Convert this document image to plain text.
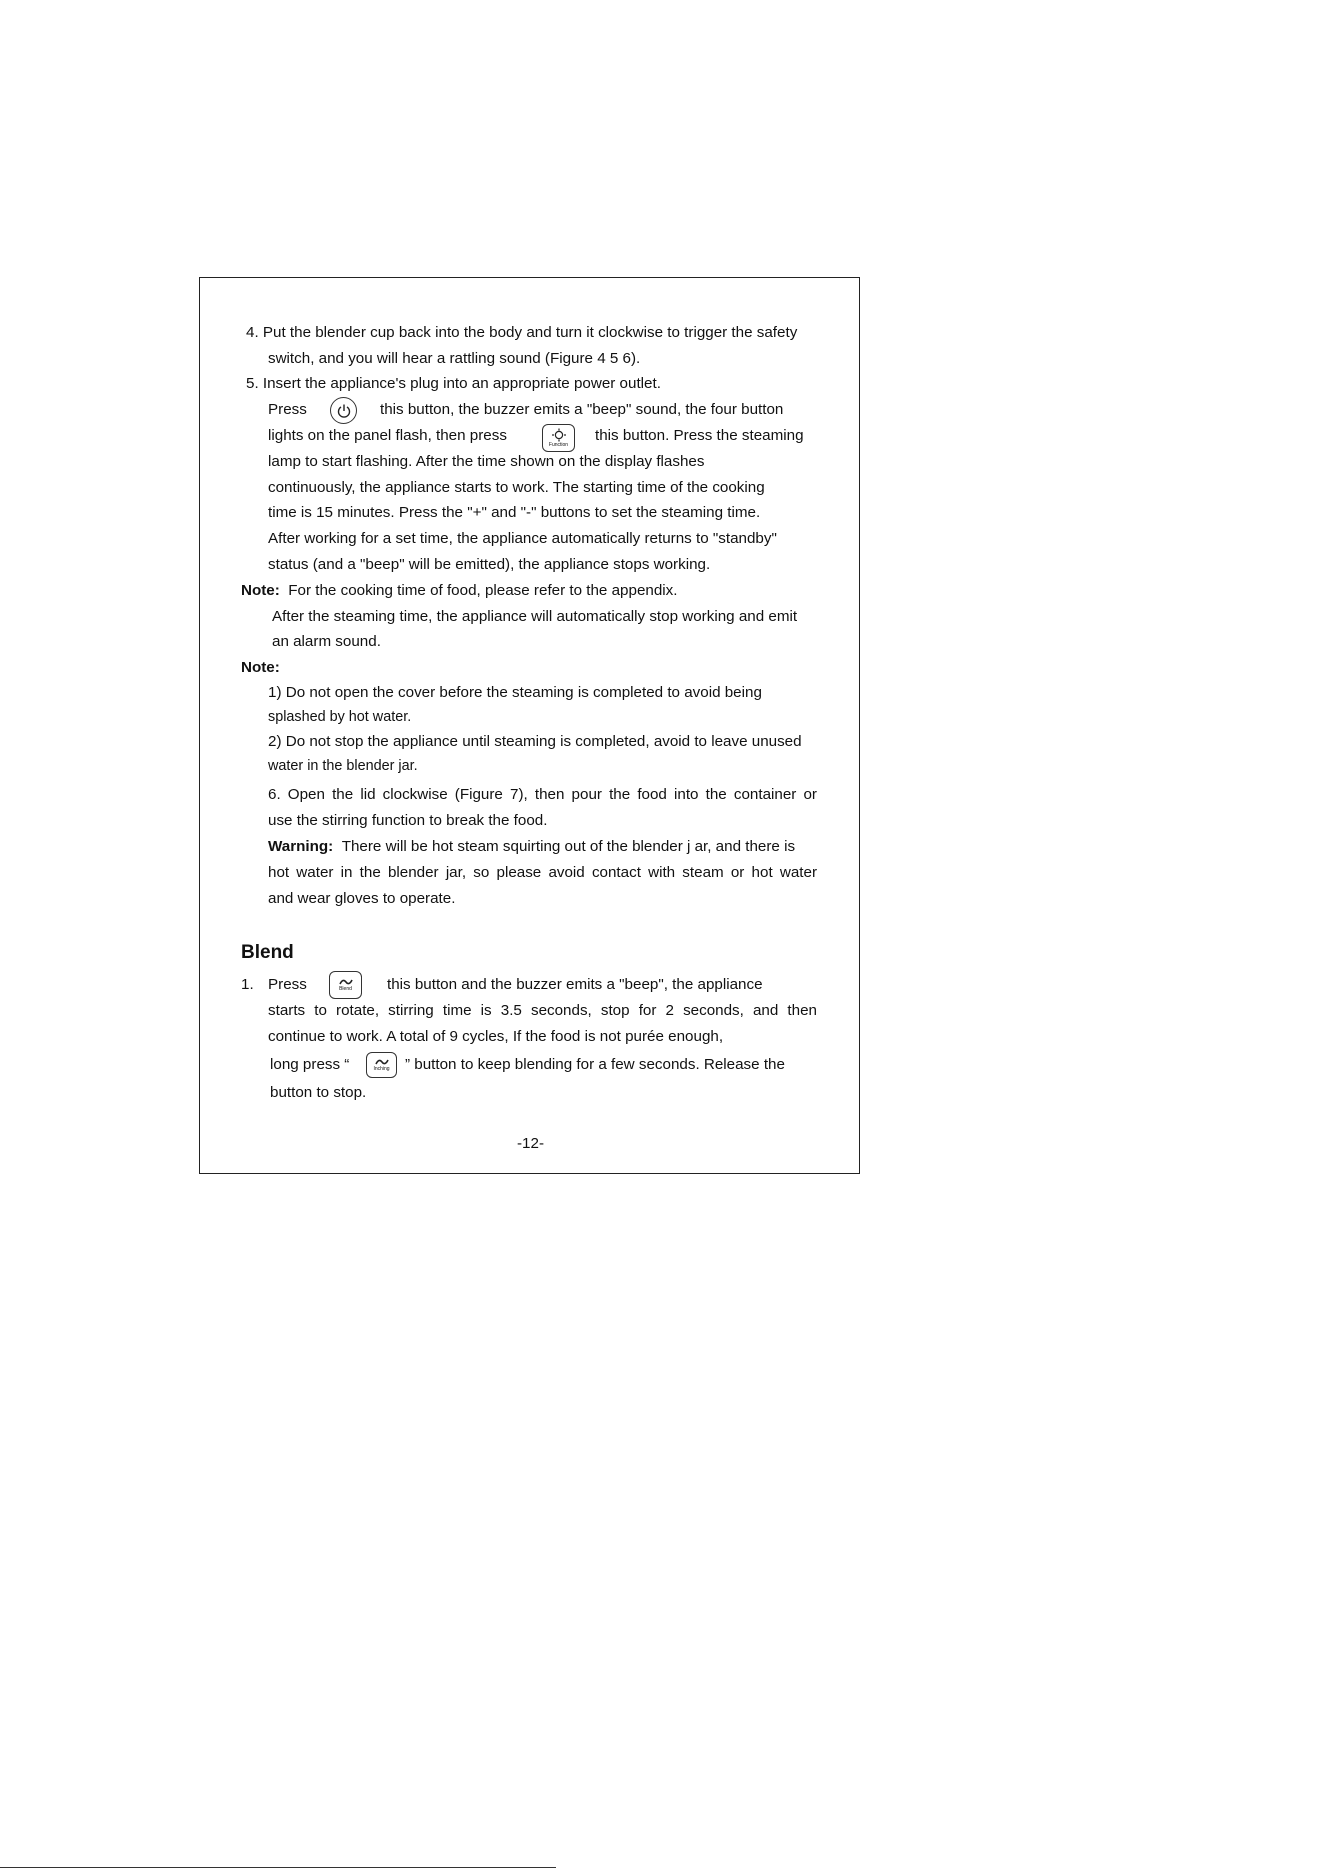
4. Put the blender cup back into the body and turn it clockwise to trigger the safety
switch, and you will hear a rattling sound (Figure 4 5 6).
5. Insert the appliance's plug into an appropriate power outlet.
Press	this button, the buzzer emits a "beep" sound, the four button
lights on the panel flash, then press
Function
this button. Press the steaming
lamp to start flashing. After the time shown on the display flashes
continuously, the appliance starts to work. The starting time of the cooking
time is 15 minutes. Press the "+" and "-" buttons to set the steaming time.
After working for a set time, the appliance automatically returns to "standby"
status (and a "beep" will be emitted), the appliance stops working.
Note: For the cooking time of food, please refer to the appendix.
After the steaming time, the appliance will automatically stop working and emit
an alarm sound.
Note:
1) Do not open the cover before the steaming is completed to avoid being
splashed by hot water.
2) Do not stop the appliance until steaming is completed, avoid to leave unused
water in the blender jar.
6. Open the lid clockwise (Figure 7), then pour the food into the container or
use the stirring function to break the food.
Warning: There will be hot steam squirting out of the blender j ar, and there is
hot water in the blender jar, so please avoid contact with steam or hot water
and wear gloves to operate.
Blend
1. Press	Blend this button and the buzzer emits a "beep", the appliance
starts to rotate, stirring time is 3.5 seconds, stop for 2 seconds, and then
continue to work. A total of 9 cycles, If the food is not purée enough,
long press “	Inching ” button to keep blending for a few seconds. Release the
button to stop.
-12-
